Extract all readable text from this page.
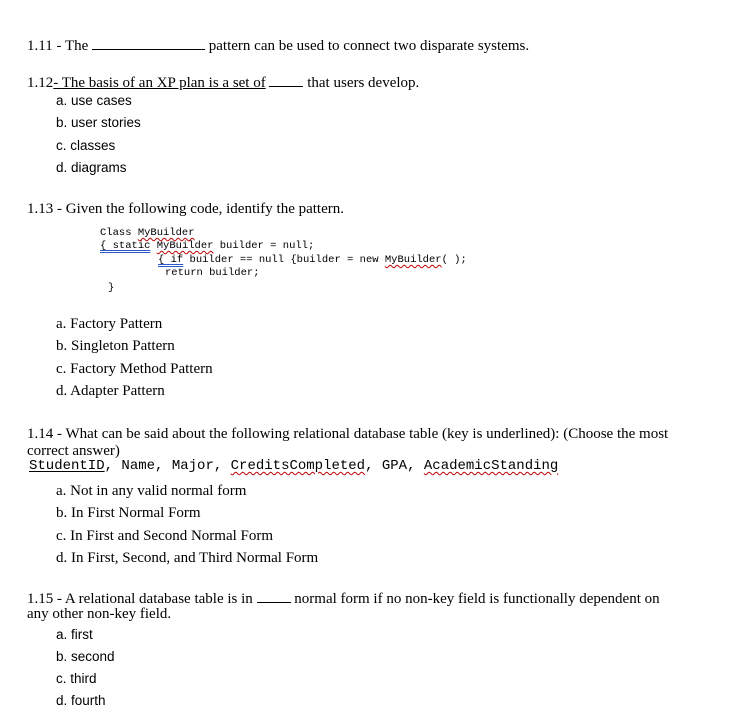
1.11 - The	pattern can be used to connect two disparate systems.
1.12- The basis of an XP plan is a set of	that users develop.
a. use cases
b. user stories
c. classes
d. diagrams
1.13 - Given the following code, identify the pattern.
Class MyBuilder
{ static MyBuilder builder = null;
{ if builder == null {builder = new MyBuilder( );
return builder;
}
a. Factory Pattern
b. Singleton Pattern
c. Factory Method Pattern
d. Adapter Pattern
1.14 - What can be said about the following relational database table (key is underlined): (Choose the most
correct answer)
StudentID, Name, Major, CreditsCompleted, GPA, AcademicStanding
a. Not in any valid normal form
b. In First Normal Form
c. In First and Second Normal Form
d. In First, Second, and Third Normal Form
1.15 - A relational database table is in	normal form if no non-key field is functionally dependent on
any other non-key field.
a. first
b. second
c. third
d. fourth
